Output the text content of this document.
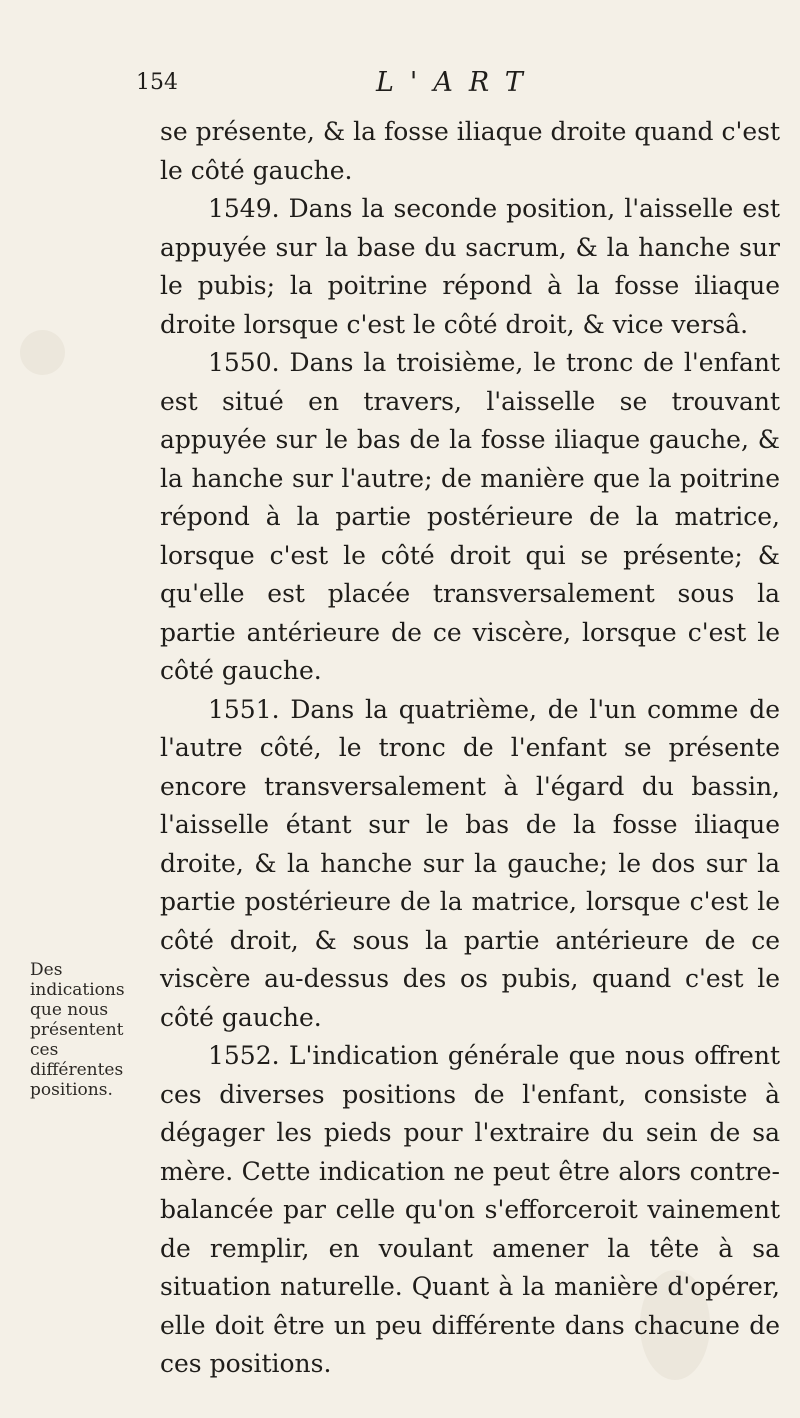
154	L'ART

se présente, & la fosse iliaque droite quand c'est le côté gauche.

1549. Dans la seconde position, l'aisselle est appuyée sur la base du sacrum, & la hanche sur le pubis; la poitrine répond à la fosse iliaque droite lorsque c'est le côté droit, & vice versâ.

1550. Dans la troisième, le tronc de l'enfant est situé en travers, l'aisselle se trouvant appuyée sur le bas de la fosse iliaque gauche, & la hanche sur l'autre; de manière que la poitrine répond à la partie postérieure de la matrice, lorsque c'est le côté droit qui se présente; & qu'elle est placée transversalement sous la partie antérieure de ce viscère, lorsque c'est le côté gauche.

1551. Dans la quatrième, de l'un comme de l'autre côté, le tronc de l'enfant se présente encore transversalement à l'égard du bassin, l'aisselle étant sur le bas de la fosse iliaque droite, & la hanche sur la gauche; le dos sur la partie postérieure de la matrice, lorsque c'est le côté droit, & sous la partie antérieure de ce viscère au-dessus des os pubis, quand c'est le côté gauche.

1552. L'indication générale que nous offrent ces diverses positions de l'enfant, consiste à dégager les pieds pour l'extraire du sein de sa mère. Cette indication ne peut être alors contre-balancée par celle qu'on s'efforceroit vainement de remplir, en voulant amener la tête à sa situation naturelle. Quant à la manière d'opérer, elle doit être un peu différente dans chacune de ces positions.

Des indications que nous présentent ces différentes positions.
